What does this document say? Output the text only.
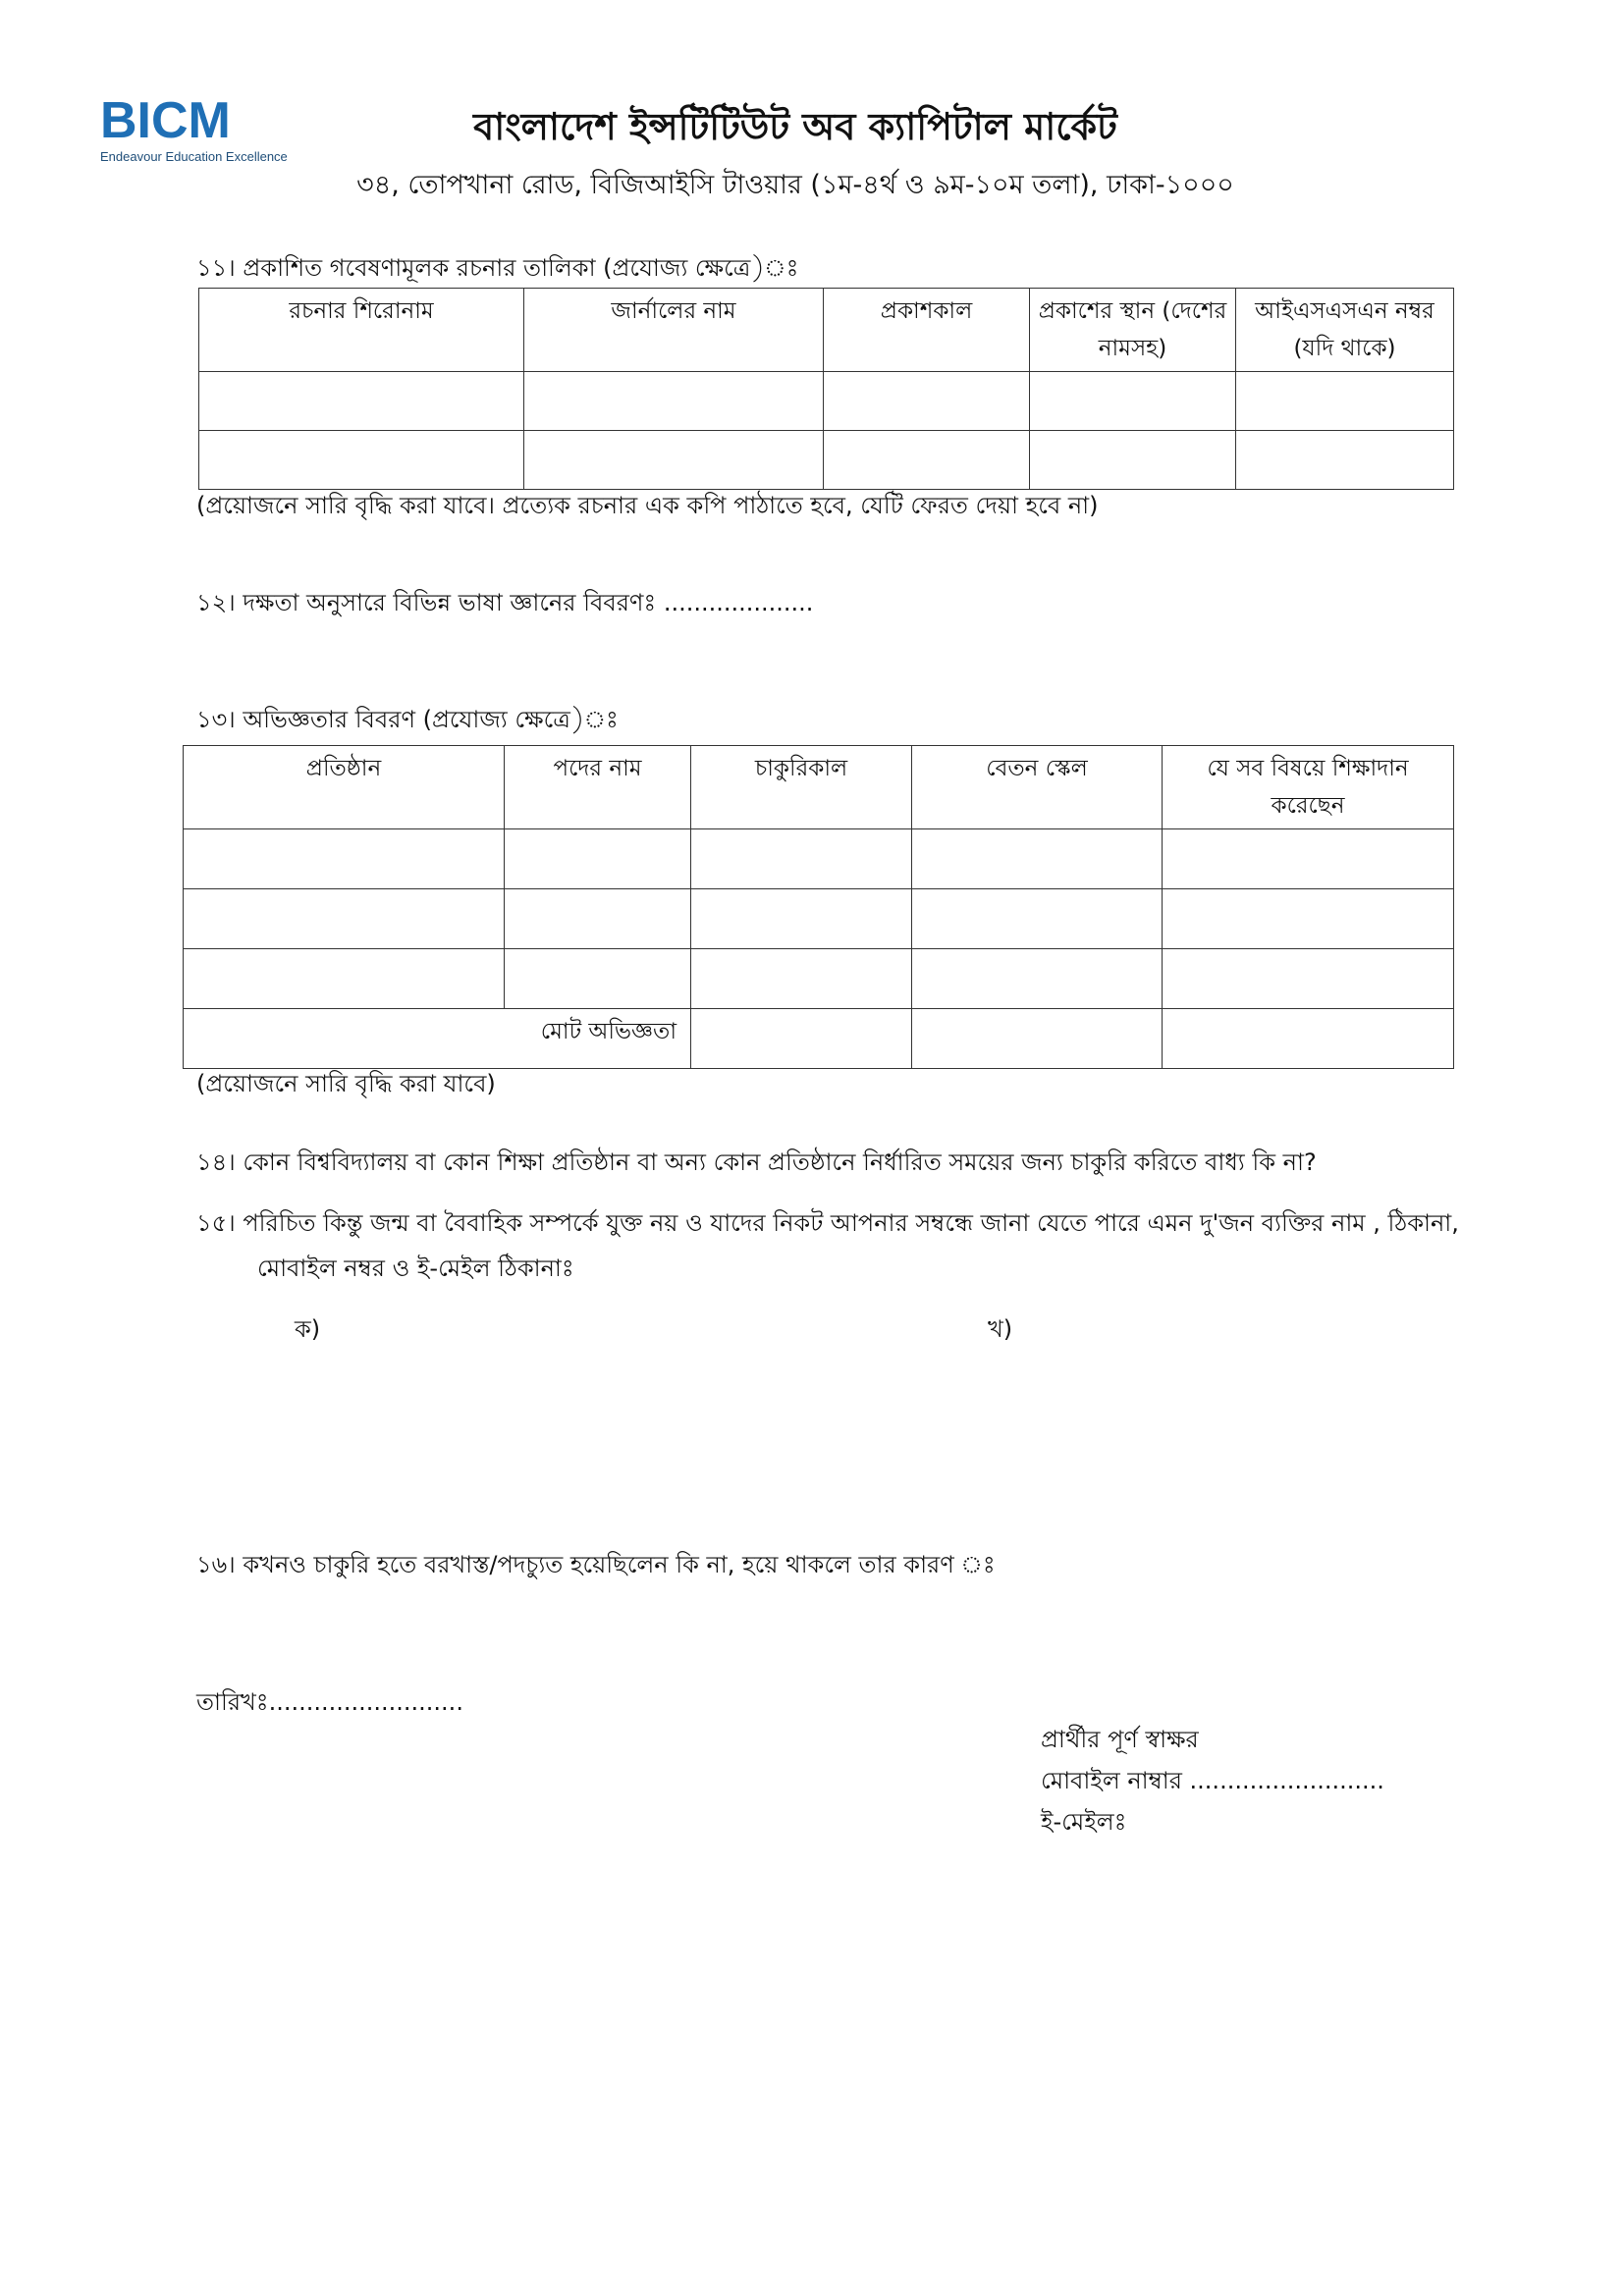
BICM
Endeavour Education Excellence
বাংলাদেশ ইন্সটিটিউট অব ক্যাপিটাল মার্কেট
৩৪, তোপখানা রোড, বিজিআইসি টাওয়ার (১ম-৪র্থ ও ৯ম-১০ম তলা), ঢাকা-১০০০
১১। প্রকাশিত গবেষণামূলক রচনার তালিকা (প্রযোজ্য ক্ষেত্রে)ঃ
রচনার শিরোনাম	জার্নালের নাম	প্রকাশকাল	প্রকাশের স্থান (দেশের নামসহ)	আইএসএসএন নম্বর (যদি থাকে)

(প্রয়োজনে সারি বৃদ্ধি করা যাবে। প্রত্যেক রচনার এক কপি পাঠাতে হবে, যেটি ফেরত দেয়া হবে না)
১২। দক্ষতা অনুসারে বিভিন্ন ভাষা জ্ঞানের বিবরণঃ ....................
১৩। অভিজ্ঞতার বিবরণ (প্রযোজ্য ক্ষেত্রে)ঃ
প্রতিষ্ঠান	পদের নাম	চাকুরিকাল	বেতন স্কেল	যে সব বিষয়ে শিক্ষাদান করেছেন

মোট অভিজ্ঞতা				
(প্রয়োজনে সারি বৃদ্ধি করা যাবে)
১৪। কোন বিশ্ববিদ্যালয় বা কোন শিক্ষা প্রতিষ্ঠান বা অন্য কোন প্রতিষ্ঠানে নির্ধারিত সময়ের জন্য চাকুরি করিতে বাধ্য কি না?
১৫। পরিচিত কিন্তু জন্ম বা বৈবাহিক সম্পর্কে যুক্ত নয় ও যাদের নিকট আপনার সম্বন্ধে জানা যেতে পারে এমন দু'জন ব্যক্তির নাম , ঠিকানা,
মোবাইল নম্বর ও ই-মেইল ঠিকানাঃ
ক)	খ)
১৬। কখনও চাকুরি হতে বরখাস্ত/পদচ্যুত হয়েছিলেন কি না, হয়ে থাকলে তার কারণ ঃ
তারিখঃ..........................
প্রার্থীর পূর্ণ স্বাক্ষর
মোবাইল নাম্বার ..........................
ই-মেইলঃ
